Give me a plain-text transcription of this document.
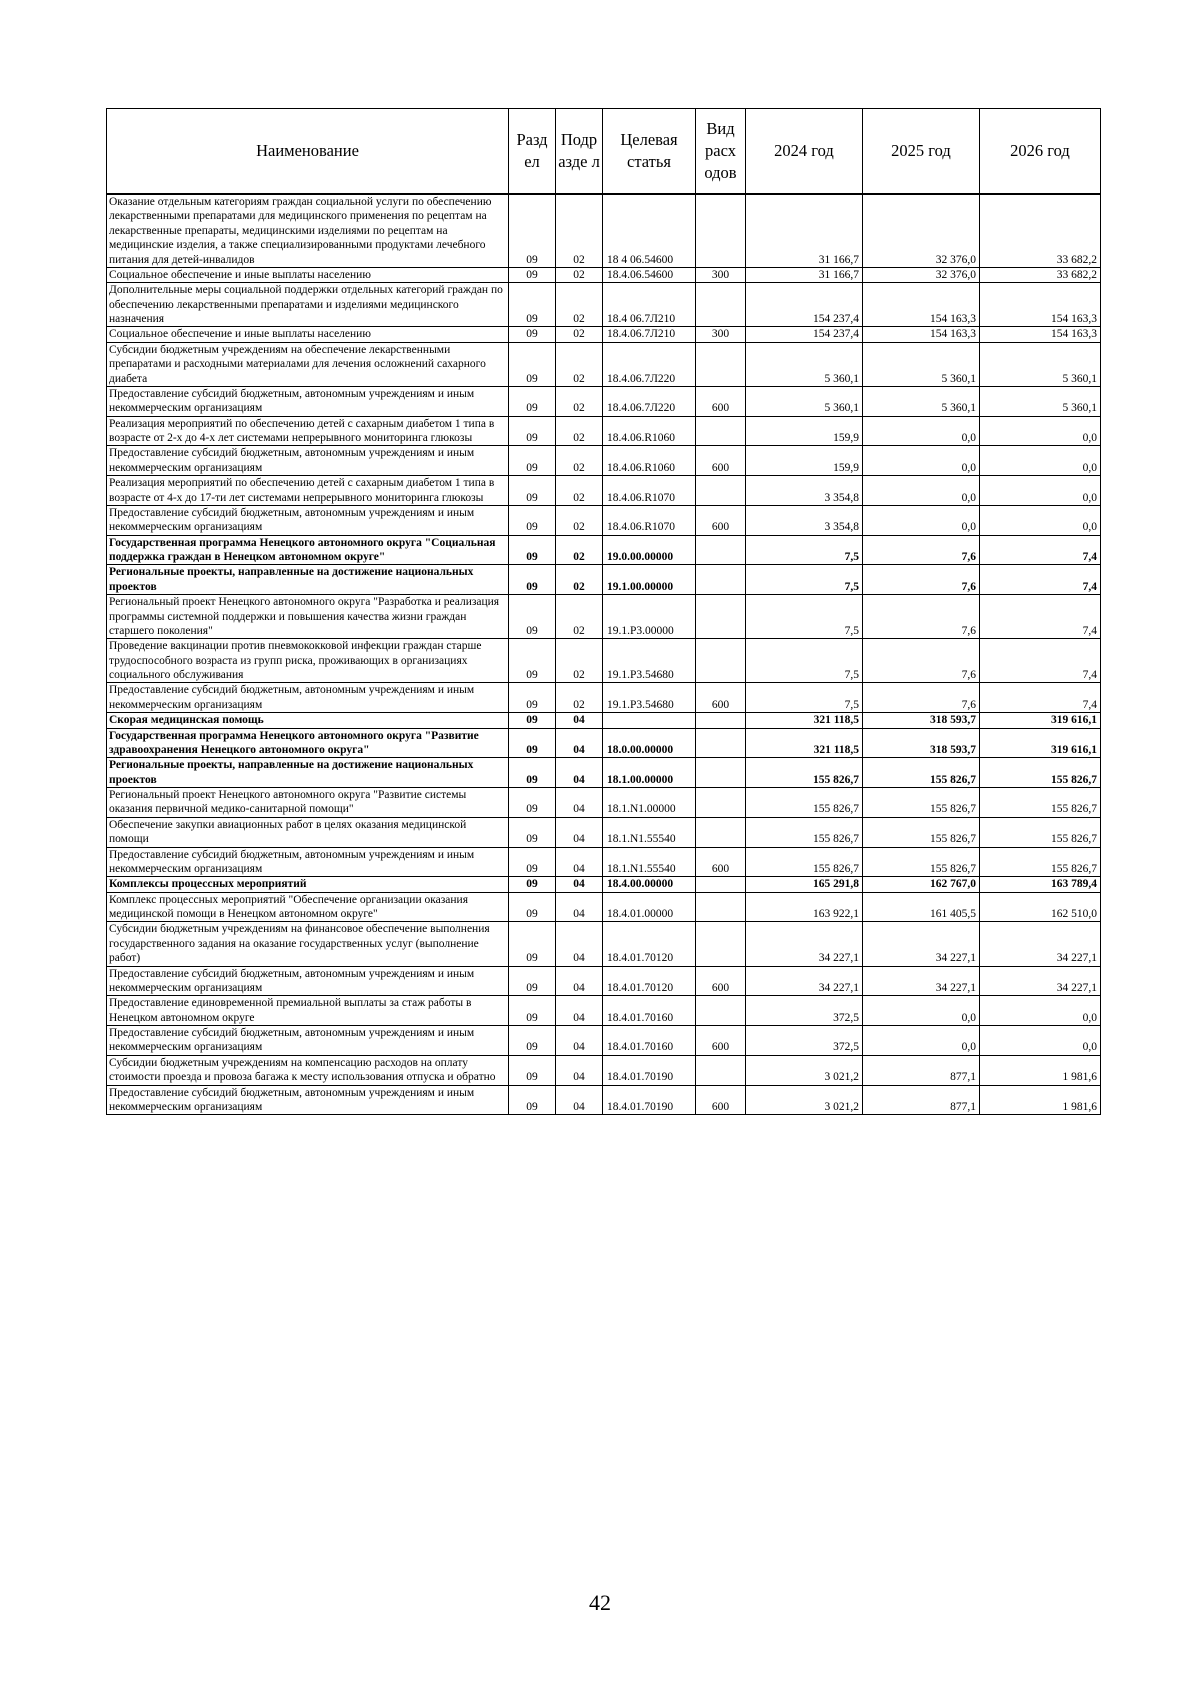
Наименование	Разд ел	Подр азде л	Целевая статья	Вид расх одов	2024 год	2025 год	2026 год
Оказание отдельным категориям граждан социальной услуги по обеспечению лекарственными препаратами для медицинского применения по рецептам на лекарственные препараты, медицинскими изделиями по рецептам на медицинские изделия, а также специализированными продуктами лечебного питания для детей-инвалидов	09	02	18 4 06.54600		31 166,7	32 376,0	33 682,2
Социальное обеспечение и иные выплаты населению	09	02	18.4.06.54600	300	31 166,7	32 376,0	33 682,2
Дополнительные меры социальной поддержки отдельных категорий граждан по обеспечению лекарственными препаратами и изделиями медицинского назначения	09	02	18.4 06.7Л210		154 237,4	154 163,3	154 163,3
Социальное обеспечение и иные выплаты населению	09	02	18.4.06.7Л210	300	154 237,4	154 163,3	154 163,3
Субсидии бюджетным учреждениям на обеспечение лекарственными препаратами и расходными материалами для лечения осложнений сахарного диабета	09	02	18.4.06.7Л220		5 360,1	5 360,1	5 360,1
Предоставление субсидий бюджетным, автономным учреждениям и иным некоммерческим организациям	09	02	18.4.06.7Л220	600	5 360,1	5 360,1	5 360,1
Реализация мероприятий по обеспечению детей с сахарным диабетом 1 типа в возрасте от 2-х до 4-х лет системами непрерывного мониторинга глюкозы	09	02	18.4.06.R1060		159,9	0,0	0,0
Предоставление субсидий бюджетным, автономным учреждениям и иным некоммерческим организациям	09	02	18.4.06.R1060	600	159,9	0,0	0,0
Реализация мероприятий по обеспечению детей с сахарным диабетом 1 типа в возрасте от 4-х до 17-ти лет системами непрерывного мониторинга глюкозы	09	02	18.4.06.R1070		3 354,8	0,0	0,0
Предоставление субсидий бюджетным, автономным учреждениям и иным некоммерческим организациям	09	02	18.4.06.R1070	600	3 354,8	0,0	0,0
Государственная программа Ненецкого автономного округа "Социальная поддержка граждан в Ненецком автономном округе"	09	02	19.0.00.00000		7,5	7,6	7,4
Региональные проекты, направленные на достижение национальных проектов	09	02	19.1.00.00000		7,5	7,6	7,4
Региональный проект Ненецкого автономного округа "Разработка и реализация программы системной поддержки и повышения качества жизни граждан старшего поколения"	09	02	19.1.Р3.00000		7,5	7,6	7,4
Проведение вакцинации против пневмококковой инфекции граждан старше трудоспособного возраста из групп риска, проживающих в организациях социального обслуживания	09	02	19.1.Р3.54680		7,5	7,6	7,4
Предоставление субсидий бюджетным, автономным учреждениям и иным некоммерческим организациям	09	02	19.1.Р3.54680	600	7,5	7,6	7,4
Скорая медицинская помощь	09	04			321 118,5	318 593,7	319 616,1
Государственная программа Ненецкого автономного округа "Развитие здравоохранения Ненецкого автономного округа"	09	04	18.0.00.00000		321 118,5	318 593,7	319 616,1
Региональные проекты, направленные на достижение национальных проектов	09	04	18.1.00.00000		155 826,7	155 826,7	155 826,7
Региональный проект Ненецкого автономного округа "Развитие системы оказания первичной медико-санитарной помощи"	09	04	18.1.N1.00000		155 826,7	155 826,7	155 826,7
Обеспечение закупки авиационных работ в целях оказания медицинской помощи	09	04	18.1.N1.55540		155 826,7	155 826,7	155 826,7
Предоставление субсидий бюджетным, автономным учреждениям и иным некоммерческим организациям	09	04	18.1.N1.55540	600	155 826,7	155 826,7	155 826,7
Комплексы процессных мероприятий	09	04	18.4.00.00000		165 291,8	162 767,0	163 789,4
Комплекс процессных мероприятий "Обеспечение организации оказания медицинской помощи в Ненецком автономном округе"	09	04	18.4.01.00000		163 922,1	161 405,5	162 510,0
Субсидии бюджетным учреждениям на финансовое обеспечение выполнения государственного задания на оказание государственных услуг (выполнение работ)	09	04	18.4.01.70120		34 227,1	34 227,1	34 227,1
Предоставление субсидий бюджетным, автономным учреждениям и иным некоммерческим организациям	09	04	18.4.01.70120	600	34 227,1	34 227,1	34 227,1
Предоставление единовременной премиальной выплаты за стаж работы в Ненецком автономном округе	09	04	18.4.01.70160		372,5	0,0	0,0
Предоставление субсидий бюджетным, автономным учреждениям и иным некоммерческим организациям	09	04	18.4.01.70160	600	372,5	0,0	0,0
Субсидии бюджетным учреждениям на компенсацию расходов на оплату стоимости проезда и провоза багажа к месту использования отпуска и обратно	09	04	18.4.01.70190		3 021,2	877,1	1 981,6
Предоставление субсидий бюджетным, автономным учреждениям и иным некоммерческим организациям	09	04	18.4.01.70190	600	3 021,2	877,1	1 981,6
42
